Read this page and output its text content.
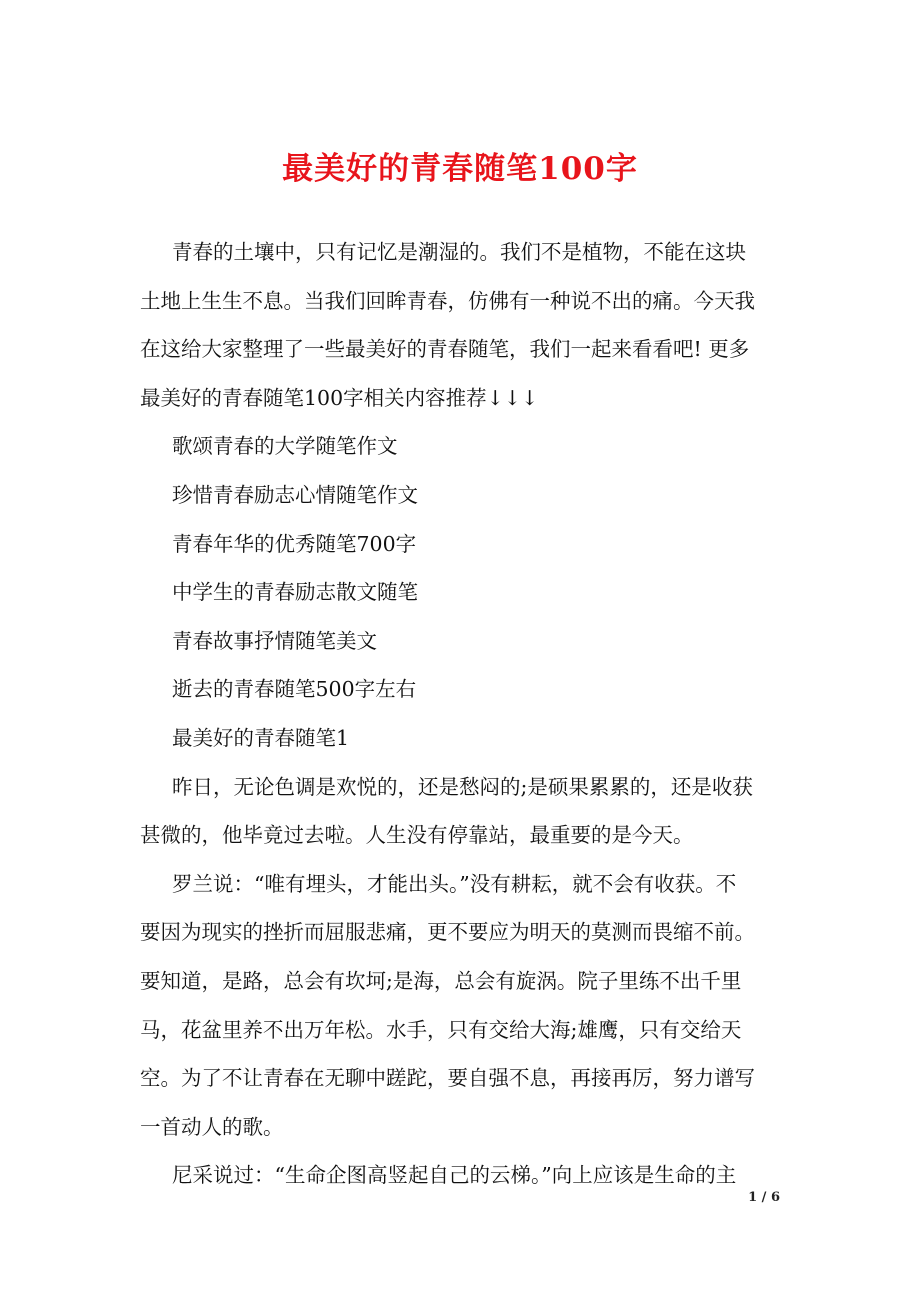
最美好的青春随笔100字
青春的土壤中，只有记忆是潮湿的。我们不是植物，不能在这块
土地上生生不息。当我们回眸青春，仿佛有一种说不出的痛。今天我
在这给大家整理了一些最美好的青春随笔，我们一起来看看吧! 更多
最美好的青春随笔100字相关内容推荐↓↓↓
歌颂青春的大学随笔作文
珍惜青春励志心情随笔作文
青春年华的优秀随笔700字
中学生的青春励志散文随笔
青春故事抒情随笔美文
逝去的青春随笔500字左右
最美好的青春随笔1
昨日，无论色调是欢悦的，还是愁闷的;是硕果累累的，还是收获
甚微的，他毕竟过去啦。人生没有停靠站，最重要的是今天。
罗兰说：“唯有埋头，才能出头。”没有耕耘，就不会有收获。不
要因为现实的挫折而屈服悲痛，更不要应为明天的莫测而畏缩不前。
要知道，是路，总会有坎坷;是海，总会有旋涡。院子里练不出千里
马，花盆里养不出万年松。水手，只有交给大海;雄鹰，只有交给天
空。为了不让青春在无聊中蹉跎，要自强不息，再接再厉，努力谱写
一首动人的歌。
尼采说过：“生命企图高竖起自己的云梯。”向上应该是生命的主
1 / 6
